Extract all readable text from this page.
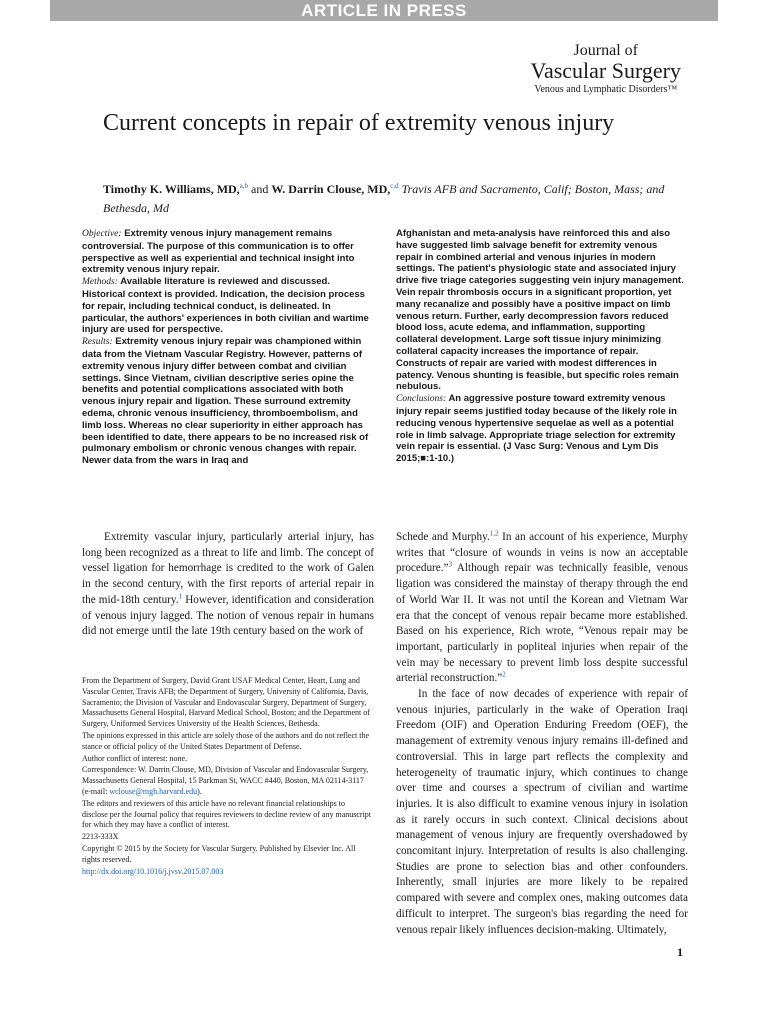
ARTICLE IN PRESS
Journal of
Vascular Surgery
Venous and Lymphatic Disorders™
Current concepts in repair of extremity venous injury
Timothy K. Williams, MD,$^{a,b}$ and W. Darrin Clouse, MD,$^{c,d}$ Travis AFB and Sacramento, Calif; Boston, Mass; and Bethesda, Md

Objective: Extremity venous injury management remains controversial. The purpose of this communication is to offer perspective as well as experiential and technical insight into extremity venous injury repair.

Methods: Available literature is reviewed and discussed. Historical context is provided. Indication, the decision process for repair, including technical conduct, is delineated. In particular, the authors' experiences in both civilian and wartime injury are used for perspective.

Results: Extremity venous injury repair was championed within data from the Vietnam Vascular Registry. However, patterns of extremity venous injury differ between combat and civilian settings. Since Vietnam, civilian descriptive series opine the benefits and potential complications associated with both venous injury repair and ligation. These surround extremity edema, chronic venous insufficiency, thromboembolism, and limb loss. Whereas no clear superiority in either approach has been identified to date, there appears to be no increased risk of pulmonary embolism or chronic venous changes with repair. Newer data from the wars in Iraq and

Afghanistan and meta-analysis have reinforced this and also have suggested limb salvage benefit for extremity venous repair in combined arterial and venous injuries in modern settings. The patient's physiologic state and associated injury drive five triage categories suggesting vein injury management. Vein repair thrombosis occurs in a significant proportion, yet many recanalize and possibly have a positive impact on limb venous return. Further, early decompression favors reduced blood loss, acute edema, and inflammation, supporting collateral development. Large soft tissue injury minimizing collateral capacity increases the importance of repair. Constructs of repair are varied with modest differences in patency. Venous shunting is feasible, but specific roles remain nebulous.

Conclusions: An aggressive posture toward extremity venous injury repair seems justified today because of the likely role in reducing venous hypertensive sequelae as well as a potential role in limb salvage. Appropriate triage selection for extremity vein repair is essential. (J Vasc Surg: Venous and Lym Dis 2015;■:1-10.)

Extremity vascular injury, particularly arterial injury, has long been recognized as a threat to life and limb. The concept of vessel ligation for hemorrhage is credited to the work of Galen in the second century, with the first reports of arterial repair in the mid-18th century.$^1$ However, identification and consideration of venous injury lagged. The notion of venous repair in humans did not emerge until the late 19th century based on the work of

Schede and Murphy.$^{1,2}$ In an account of his experience, Murphy writes that “closure of wounds in veins is now an acceptable procedure.”$^3$ Although repair was technically feasible, venous ligation was considered the mainstay of therapy through the end of World War II. It was not until the Korean and Vietnam War era that the concept of venous repair became more established. Based on his experience, Rich wrote, “Venous repair may be important, particularly in popliteal injuries when repair of the vein may be necessary to prevent limb loss despite successful arterial reconstruction.”$^2$

In the face of now decades of experience with repair of venous injuries, particularly in the wake of Operation Iraqi Freedom (OIF) and Operation Enduring Freedom (OEF), the management of extremity venous injury remains ill-defined and controversial. This in large part reflects the complexity and heterogeneity of traumatic injury, which continues to change over time and courses a spectrum of civilian and wartime injuries. It is also difficult to examine venous injury in isolation as it rarely occurs in such context. Clinical decisions about management of venous injury are frequently overshadowed by concomitant injury. Interpretation of results is also challenging. Studies are prone to selection bias and other confounders. Inherently, small injuries are more likely to be repaired compared with severe and complex ones, making outcomes data difficult to interpret. The surgeon's bias regarding the need for venous repair likely influences decision-making. Ultimately,

From the Department of Surgery, David Grant USAF Medical Center, Heart, Lung and Vascular Center, Travis AFB; the Department of Surgery, University of California, Davis, Sacramento; the Division of Vascular and Endovascular Surgery, Department of Surgery, Massachusetts General Hospital, Harvard Medical School, Boston; and the Department of Surgery, Uniformed Services University of the Health Sciences, Bethesda.

The opinions expressed in this article are solely those of the authors and do not reflect the stance or official policy of the United States Department of Defense.

Author conflict of interest: none.

Correspondence: W. Darrin Clouse, MD, Division of Vascular and Endovascular Surgery, Massachusetts General Hospital, 15 Parkman St, WACC #440, Boston, MA 02114-3117 (e-mail: wclouse@mgh.harvard.edu).

The editors and reviewers of this article have no relevant financial relationships to disclose per the Journal policy that requires reviewers to decline review of any manuscript for which they may have a conflict of interest.

2213-333X

Copyright © 2015 by the Society for Vascular Surgery. Published by Elsevier Inc. All rights reserved.

http://dx.doi.org/10.1016/j.jvsv.2015.07.003

1
